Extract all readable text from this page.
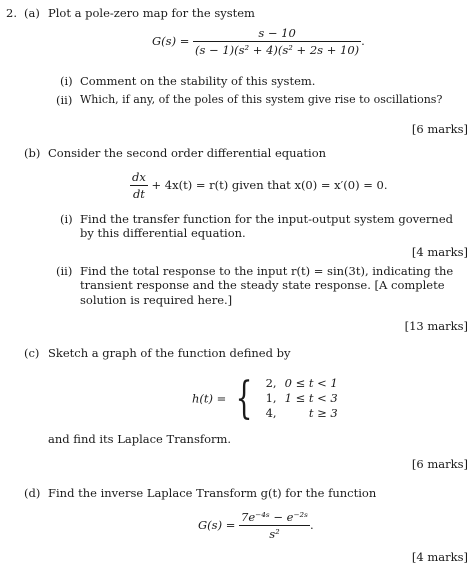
2. (a) Plot a pole-zero map for the system
$G(s) = \frac{s - 10}{\text{(s − 1)(s² + 4)(s² + 2s + 10)}}$ .
(i) Comment on the stability of this system.
(ii) Which, if any, of the poles of this system give rise to oscillations?
[6 marks]
(b) Consider the second order differential equation
$\frac{dx}{dt} + 4x(t) = r(t)$ given that x(0) = x′(0) = 0.
(i) Find the transfer function for the input-output system governed by this differential equation.
[4 marks]
(ii) Find the total response to the input r(t) = sin(3t), indicating the transient response and the steady state response. [A complete solution is required here.]
[13 marks]
(c) Sketch a graph of the function defined by
h(t) = { 2,	0 ≤ t < 1
1,	1 ≤ t < 3
4,	t ≥ 3
and find its Laplace Transform.
[6 marks]
(d) Find the inverse Laplace Transform g(t) for the function
$G(s) = \frac{\text{7e⁻⁴ˢ − e⁻²ˢ}}{\text{s²}}$ .
[4 marks]
